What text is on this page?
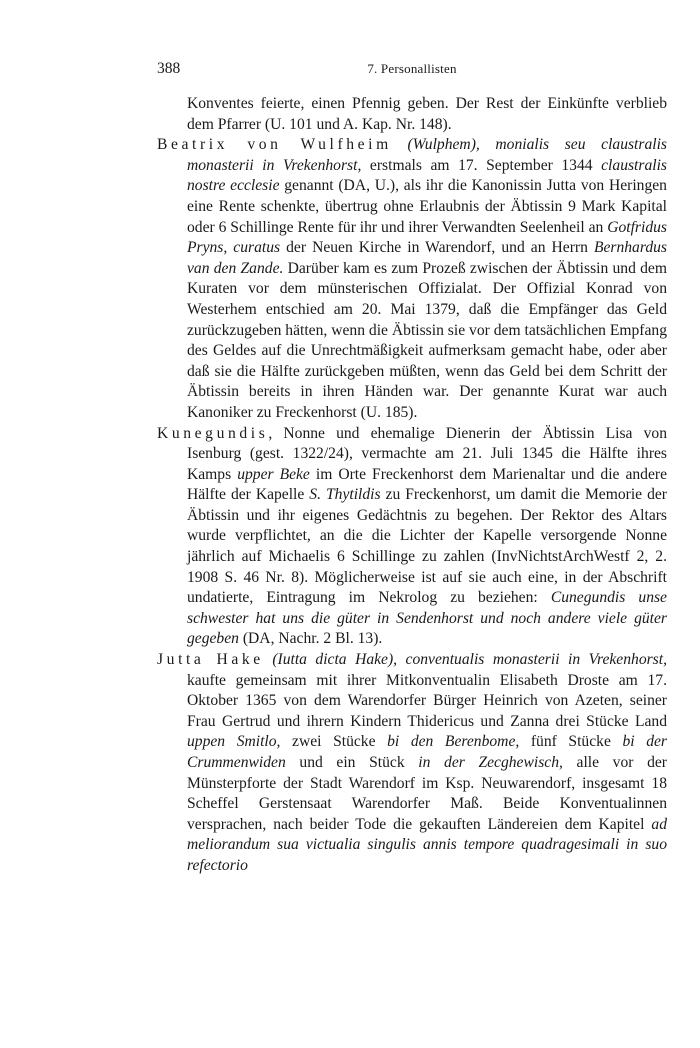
388	7. Personallisten

Konventes feierte, einen Pfennig geben. Der Rest der Einkünfte verblieb dem Pfarrer (U. 101 und A. Kap. Nr. 148).

Beatrix von Wulfheim (Wulphem), monialis seu claustralis monasterii in Vrekenhorst, erstmals am 17. September 1344 claustralis nostre ecclesie genannt (DA, U.), als ihr die Kanonissin Jutta von Heringen eine Rente schenkte, übertrug ohne Erlaubnis der Äbtissin 9 Mark Kapital oder 6 Schillinge Rente für ihr und ihrer Verwandten Seelenheil an Gotfridus Pryns, curatus der Neuen Kirche in Warendorf, und an Herrn Bernhardus van den Zande. Darüber kam es zum Prozeß zwischen der Äbtissin und dem Kuraten vor dem münsterischen Offizialat. Der Offizial Konrad von Westerhem entschied am 20. Mai 1379, daß die Empfänger das Geld zurückzugeben hätten, wenn die Äbtissin sie vor dem tatsächlichen Empfang des Geldes auf die Unrechtmäßigkeit aufmerksam gemacht habe, oder aber daß sie die Hälfte zurückgeben müßten, wenn das Geld bei dem Schritt der Äbtissin bereits in ihren Händen war. Der genannte Kurat war auch Kanoniker zu Freckenhorst (U. 185).

Kunegundis, Nonne und ehemalige Dienerin der Äbtissin Lisa von Isenburg (gest. 1322/24), vermachte am 21. Juli 1345 die Hälfte ihres Kamps upper Beke im Orte Freckenhorst dem Marienaltar und die andere Hälfte der Kapelle S. Thytildis zu Freckenhorst, um damit die Memorie der Äbtissin und ihr eigenes Gedächtnis zu begehen. Der Rektor des Altars wurde verpflichtet, an die die Lichter der Kapelle versorgende Nonne jährlich auf Michaelis 6 Schillinge zu zahlen (InvNichtstArchWestf 2, 2. 1908 S. 46 Nr. 8). Möglicherweise ist auf sie auch eine, in der Abschrift undatierte, Eintragung im Nekrolog zu beziehen: Cunegundis unse schwester hat uns die güter in Sendenhorst und noch andere viele güter gegeben (DA, Nachr. 2 Bl. 13).

Jutta Hake (Iutta dicta Hake), conventualis monasterii in Vrekenhorst, kaufte gemeinsam mit ihrer Mitkonventualin Elisabeth Droste am 17. Oktober 1365 von dem Warendorfer Bürger Heinrich von Azeten, seiner Frau Gertrud und ihrern Kindern Thidericus und Zanna drei Stücke Land uppen Smitlo, zwei Stücke bi den Berenbome, fünf Stücke bi der Crummenwiden und ein Stück in der Zecghewisch, alle vor der Münsterpforte der Stadt Warendorf im Ksp. Neuwarendorf, insgesamt 18 Scheffel Gerstensaat Warendorfer Maß. Beide Konventualinnen versprachen, nach beider Tode die gekauften Ländereien dem Kapitel ad meliorandum sua victualia singulis annis tempore quadragesimali in suo refectorio
